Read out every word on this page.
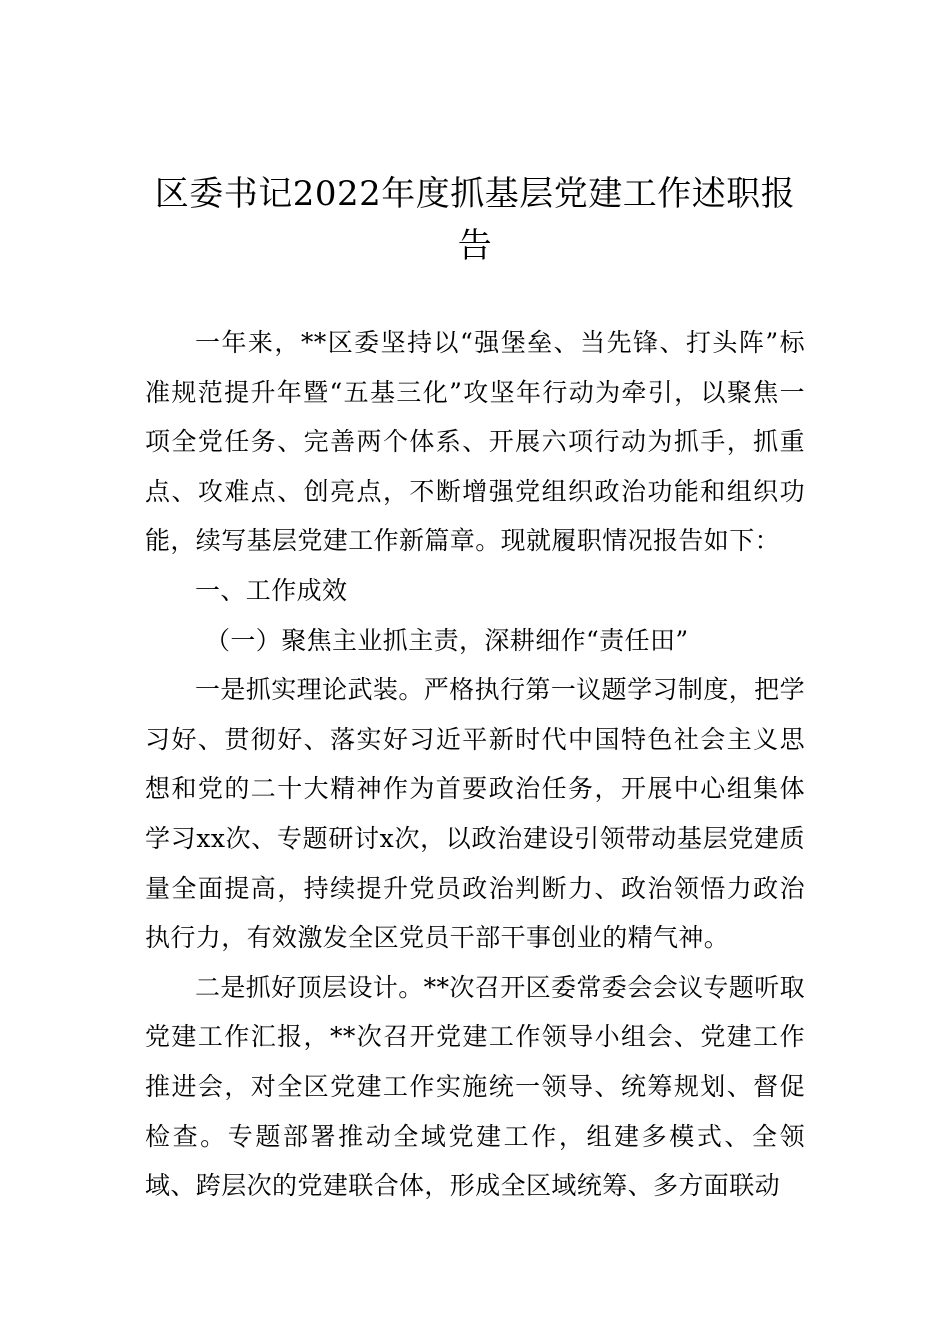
区委书记2022年度抓基层党建工作述职报告

一年来，**区委坚持以“强堡垒、当先锋、打头阵”标准规范提升年暨“五基三化”攻坚年行动为牵引，以聚焦一项全党任务、完善两个体系、开展六项行动为抓手，抓重点、攻难点、创亮点，不断增强党组织政治功能和组织功能，续写基层党建工作新篇章。现就履职情况报告如下：

一、工作成效

（一）聚焦主业抓主责，深耕细作“责任田”

一是抓实理论武装。严格执行第一议题学习制度，把学习好、贯彻好、落实好习近平新时代中国特色社会主义思想和党的二十大精神作为首要政治任务，开展中心组集体学习xx次、专题研讨x次，以政治建设引领带动基层党建质量全面提高，持续提升党员政治判断力、政治领悟力政治执行力，有效激发全区党员干部干事创业的精气神。

二是抓好顶层设计。**次召开区委常委会会议专题听取党建工作汇报，**次召开党建工作领导小组会、党建工作推进会，对全区党建工作实施统一领导、统筹规划、督促检查。专题部署推动全域党建工作，组建多模式、全领域、跨层次的党建联合体，形成全区域统筹、多方面联动
